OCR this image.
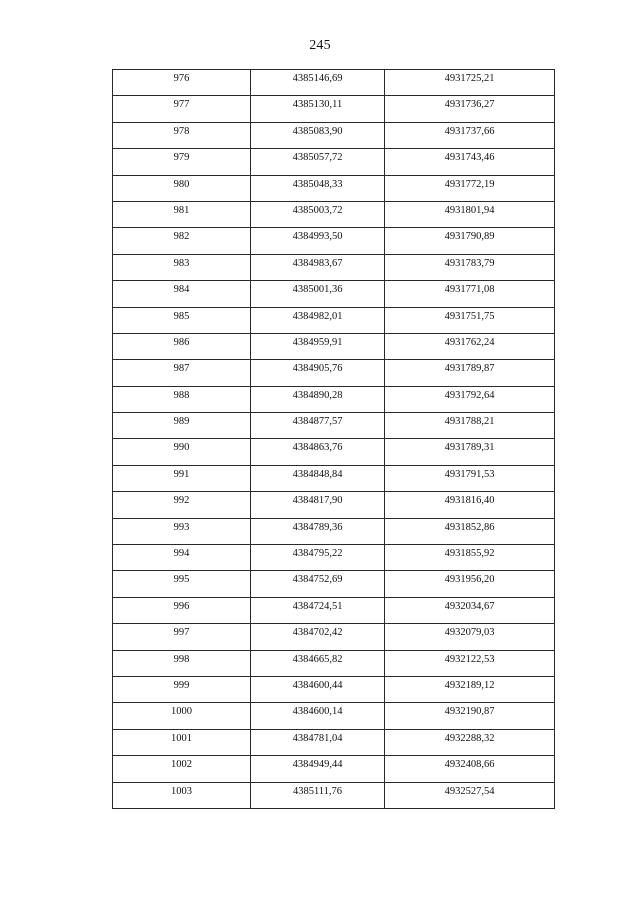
245
976	4385146,69	4931725,21
977	4385130,11	4931736,27
978	4385083,90	4931737,66
979	4385057,72	4931743,46
980	4385048,33	4931772,19
981	4385003,72	4931801,94
982	4384993,50	4931790,89
983	4384983,67	4931783,79
984	4385001,36	4931771,08
985	4384982,01	4931751,75
986	4384959,91	4931762,24
987	4384905,76	4931789,87
988	4384890,28	4931792,64
989	4384877,57	4931788,21
990	4384863,76	4931789,31
991	4384848,84	4931791,53
992	4384817,90	4931816,40
993	4384789,36	4931852,86
994	4384795,22	4931855,92
995	4384752,69	4931956,20
996	4384724,51	4932034,67
997	4384702,42	4932079,03
998	4384665,82	4932122,53
999	4384600,44	4932189,12
1000	4384600,14	4932190,87
1001	4384781,04	4932288,32
1002	4384949,44	4932408,66
1003	4385111,76	4932527,54
